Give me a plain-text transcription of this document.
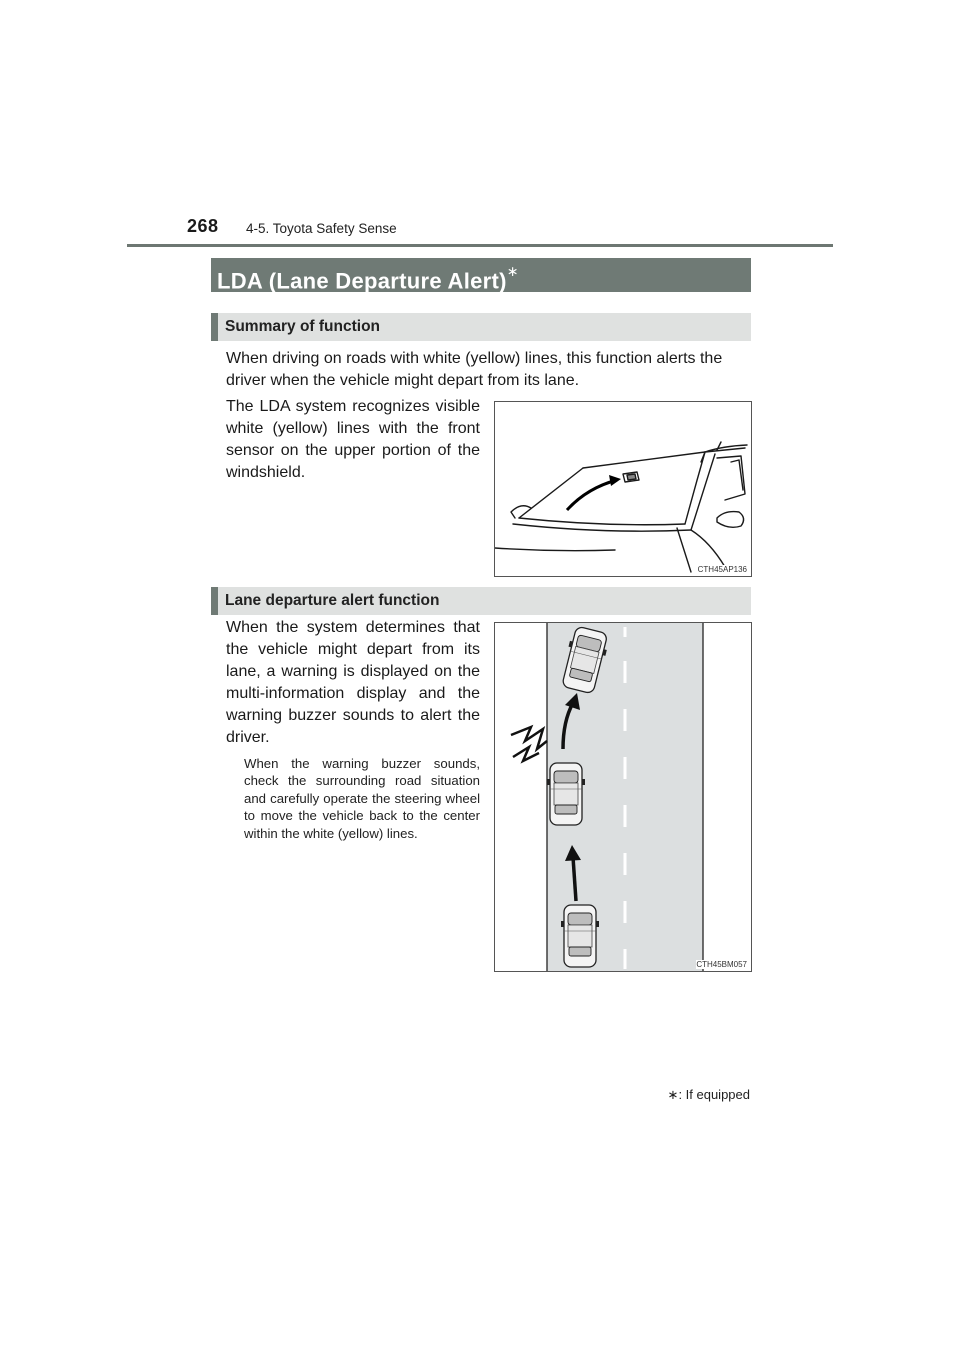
268 4-5. Toyota Safety Sense
LDA (Lane Departure Alert)∗
Summary of function
When driving on roads with white (yellow) lines, this function alerts the driver when the vehicle might depart from its lane.
The LDA system recognizes visible white (yellow) lines with the front sensor on the upper portion of the windshield.
CTH45AP136
Lane departure alert function
When the system determines that the vehicle might depart from its lane, a warning is displayed on the multi-information display and the warning buzzer sounds to alert the driver.
When the warning buzzer sounds, check the surrounding road situation and carefully operate the steering wheel to move the vehicle back to the center within the white (yellow) lines.
CTH45BM057
∗: If equipped
